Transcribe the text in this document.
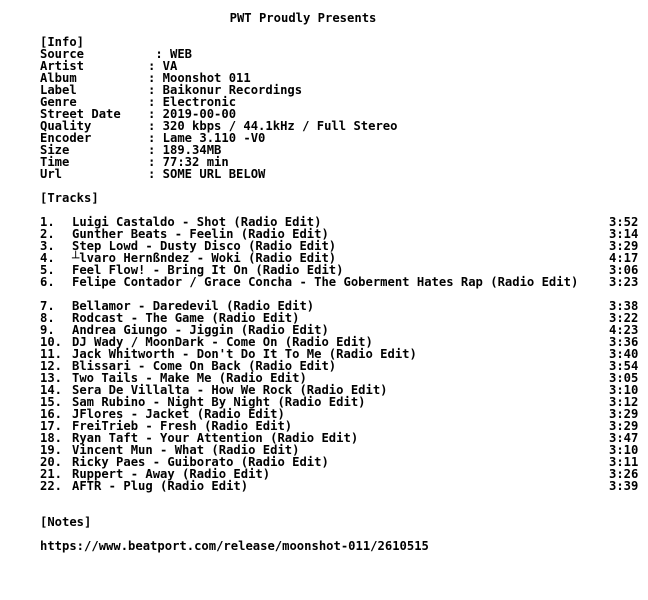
PWT Proudly Presents
[Info]
Source	: WEB
Artist	: VA
Album	: Moonshot 011
Label	: Baikonur Recordings
Genre	: Electronic
Street Date : 2019-00-00
Quality	: 320 kbps / 44.1kHz / Full Stereo
Encoder	: Lame 3.110 -V0
Size	: 189.34MB
Time	: 77:32 min
Url	: SOME URL BELOW
[Tracks]
1. Luigi Castaldo - Shot (Radio Edit)	3:52
2. Gunther Beats - Feelin (Radio Edit)	3:14
3. Step Lowd - Dusty Disco (Radio Edit)	3:29
4. ┴lvaro Hernßndez - Woki (Radio Edit)	4:17
5. Feel Flow! - Bring It On (Radio Edit)	3:06
6. Felipe Contador / Grace Concha - The Goberment Hates Rap (Radio Edit)	3:23
7. Bellamor - Daredevil (Radio Edit)	3:38
8. Rodcast - The Game (Radio Edit)	3:22
9. Andrea Giungo - Jiggin (Radio Edit)	4:23
10. DJ Wady / MoonDark - Come On (Radio Edit)	3:36
11. Jack Whitworth - Don't Do It To Me (Radio Edit)	3:40
12. Blissari - Come On Back (Radio Edit)	3:54
13. Two Tails - Make Me (Radio Edit)	3:05
14. Sera De Villalta - How We Rock (Radio Edit)	3:10
15. Sam Rubino - Night By Night (Radio Edit)	3:12
16. JFlores - Jacket (Radio Edit)	3:29
17. FreiTrieb - Fresh (Radio Edit)	3:29
18. Ryan Taft - Your Attention (Radio Edit)	3:47
19. Vincent Mun - What (Radio Edit)	3:10
20. Ricky Paes - Guiborato (Radio Edit)	3:11
21. Ruppert - Away (Radio Edit)	3:26
22. AFTR - Plug (Radio Edit)	3:39
[Notes]
https://www.beatport.com/release/moonshot-011/2610515
